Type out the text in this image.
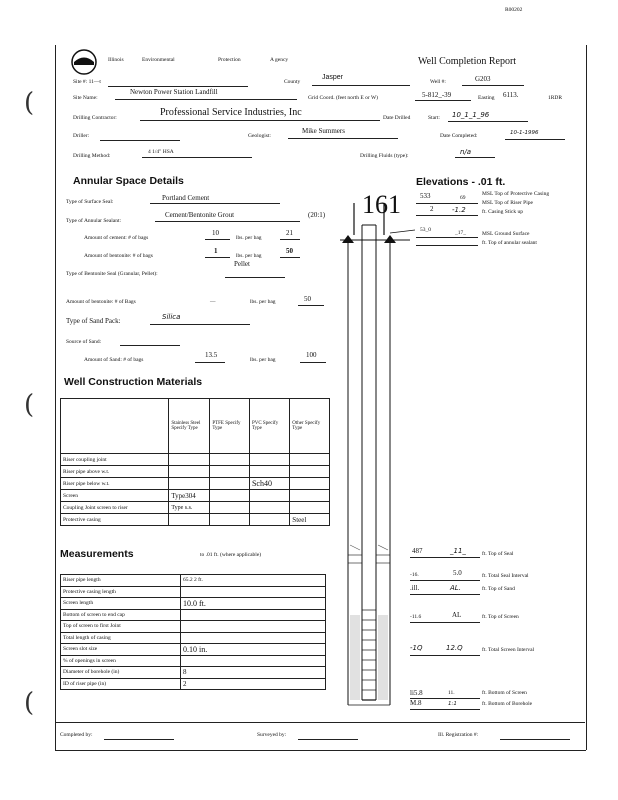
R00202
Illinois	Environmental	Protection	A gency	Well Completion Report
Site #: 11—t	County
Jasper
Well #:	G203
Site Name:
Newton Power Station Landfill
Grid Coord. (feet north E or W)	5-812_-39	Easting 6113.	1RDR
Drilling Contractor:	Professional Service Industries, Inc	Date Drilled	Start: 10_1_1_96
Driller:	Geologist:
Mike Summers
Date Completed:	10-1-1996
Drilling Method:
4 1/4" HSA
Drilling Fluids (type):	n/a
Annular Space Details
Type of Surface Seal:	Portland Cement
Type of Annular Sealant:
Cement/Bentonite Grout	(20:1)
Amount of cement: # of bags
10
lbs. per bag
21
Amount of bentonite: # of bags
1
lbs. per bag
50
Pellet
Type of Bentonite Seal (Granular, Pellet):
Amount of bentonite: # of Bags	—	lbs. per bag	50
Type of Sand Pack:	Silica
Source of Sand:
Amount of Sand: # of bags
13.5
lbs. per bag
100
Well Construction Materials
	Stainless Steel Specify Type	PTFE Specify Type	PVC Specify Type	Other Specify Type
Riser coupling joint				
Riser pipe above w.t.				
Riser pipe below w.t.			Sch40	
Screen	Type304			
Coupling Joint screen to riser	Type s.s.			
Protective casing				Steel
Measurements	to .01 ft. (where applicable)
Riser pipe length	65.2 2 ft.
Protective casing length	
Screen length	10.0 ft.
Bottom of screen to end cap	
Top of screen to first Joint	
Total length of casing	
Screen slot size	0.10 in.
% of openings in screen	
Diameter of borehole (in)	8
ID of riser pipe (in)	2
Elevations - .01 ft.
161	533	69
MSL Top of Protective Casing
MSL Top of Riser Pipe
2	-1.2	ft. Casing Stick up
53_0	_17_	MSL Ground Surface
ft. Top of annular sealant
487	_11_	ft. Top of Seal
-16.	5.0	ft. Total Seal Interval
.ill.	AL.	ft. Top of Sand
-11.6	AL	ft. Top of Screen
-1Q	12.Q	ft. Total Screen Interval
li5.8	11.	ft. Bottom of Screen
M.8	1:1	ft. Bottom of Borehole
Completed by:	Surveyed by:	Ill. Registration #:
(
(
(
